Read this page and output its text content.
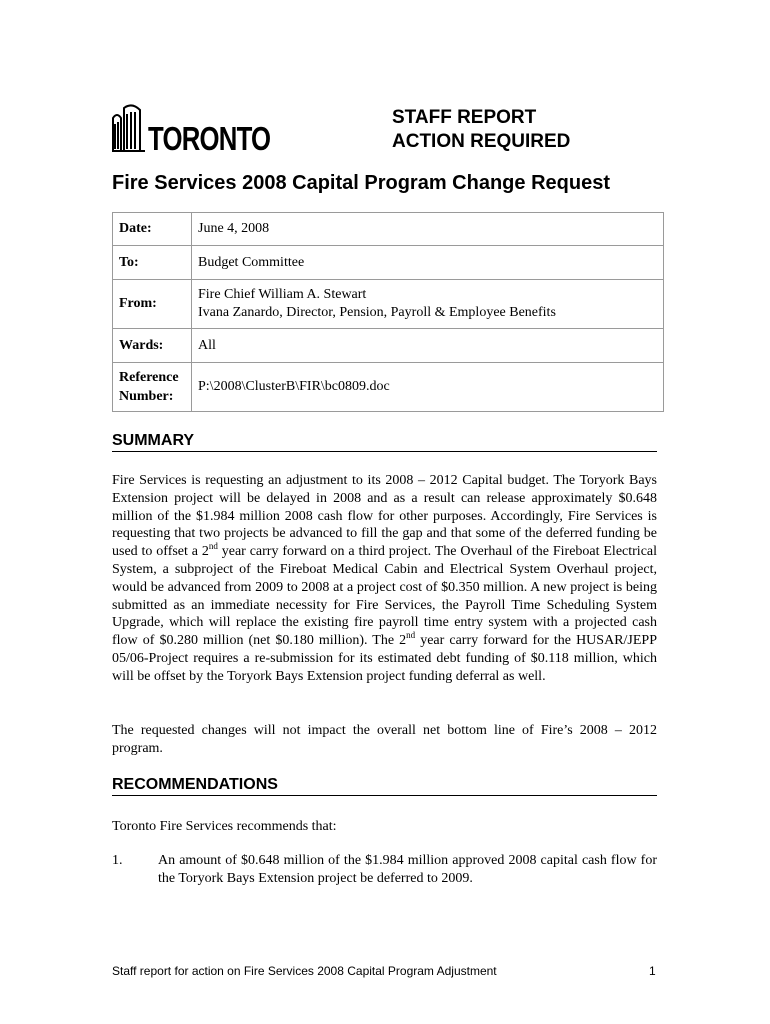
TORONTO
STAFF REPORT
ACTION REQUIRED
Fire Services 2008 Capital Program Change Request
Date:	June 4, 2008
To:	Budget Committee
From:	Fire Chief William A. Stewart
Ivana Zanardo, Director, Pension, Payroll & Employee Benefits

Wards:	All

Reference
Number:	P:\2008\ClusterB\FIR\bc0809.doc
SUMMARY

Fire Services is requesting an adjustment to its 2008 – 2012 Capital budget. The Toryork Bays Extension project will be delayed in 2008 and as a result can release approximately $0.648 million of the $1.984 million 2008 cash flow for other purposes. Accordingly, Fire Services is requesting that two projects be advanced to fill the gap and that some of the deferred funding be used to offset a 2nd year carry forward on a third project. The Overhaul of the Fireboat Electrical System, a subproject of the Fireboat Medical Cabin and Electrical System Overhaul project, would be advanced from 2009 to 2008 at a project cost of $0.350 million. A new project is being submitted as an immediate necessity for Fire Services, the Payroll Time Scheduling System Upgrade, which will replace the existing fire payroll time entry system with a projected cash flow of $0.280 million (net $0.180 million). The 2nd year carry forward for the HUSAR/JEPP 05/06-Project requires a re-submission for its estimated debt funding of $0.118 million, which will be offset by the Toryork Bays Extension project funding deferral as well.

The requested changes will not impact the overall net bottom line of Fire’s 2008 – 2012 program.

RECOMMENDATIONS

Toronto Fire Services recommends that:

1.	An amount of $0.648 million of the $1.984 million approved 2008 capital cash flow for the Toryork Bays Extension project be deferred to 2009.
Staff report for action on Fire Services 2008 Capital Program Adjustment	1
